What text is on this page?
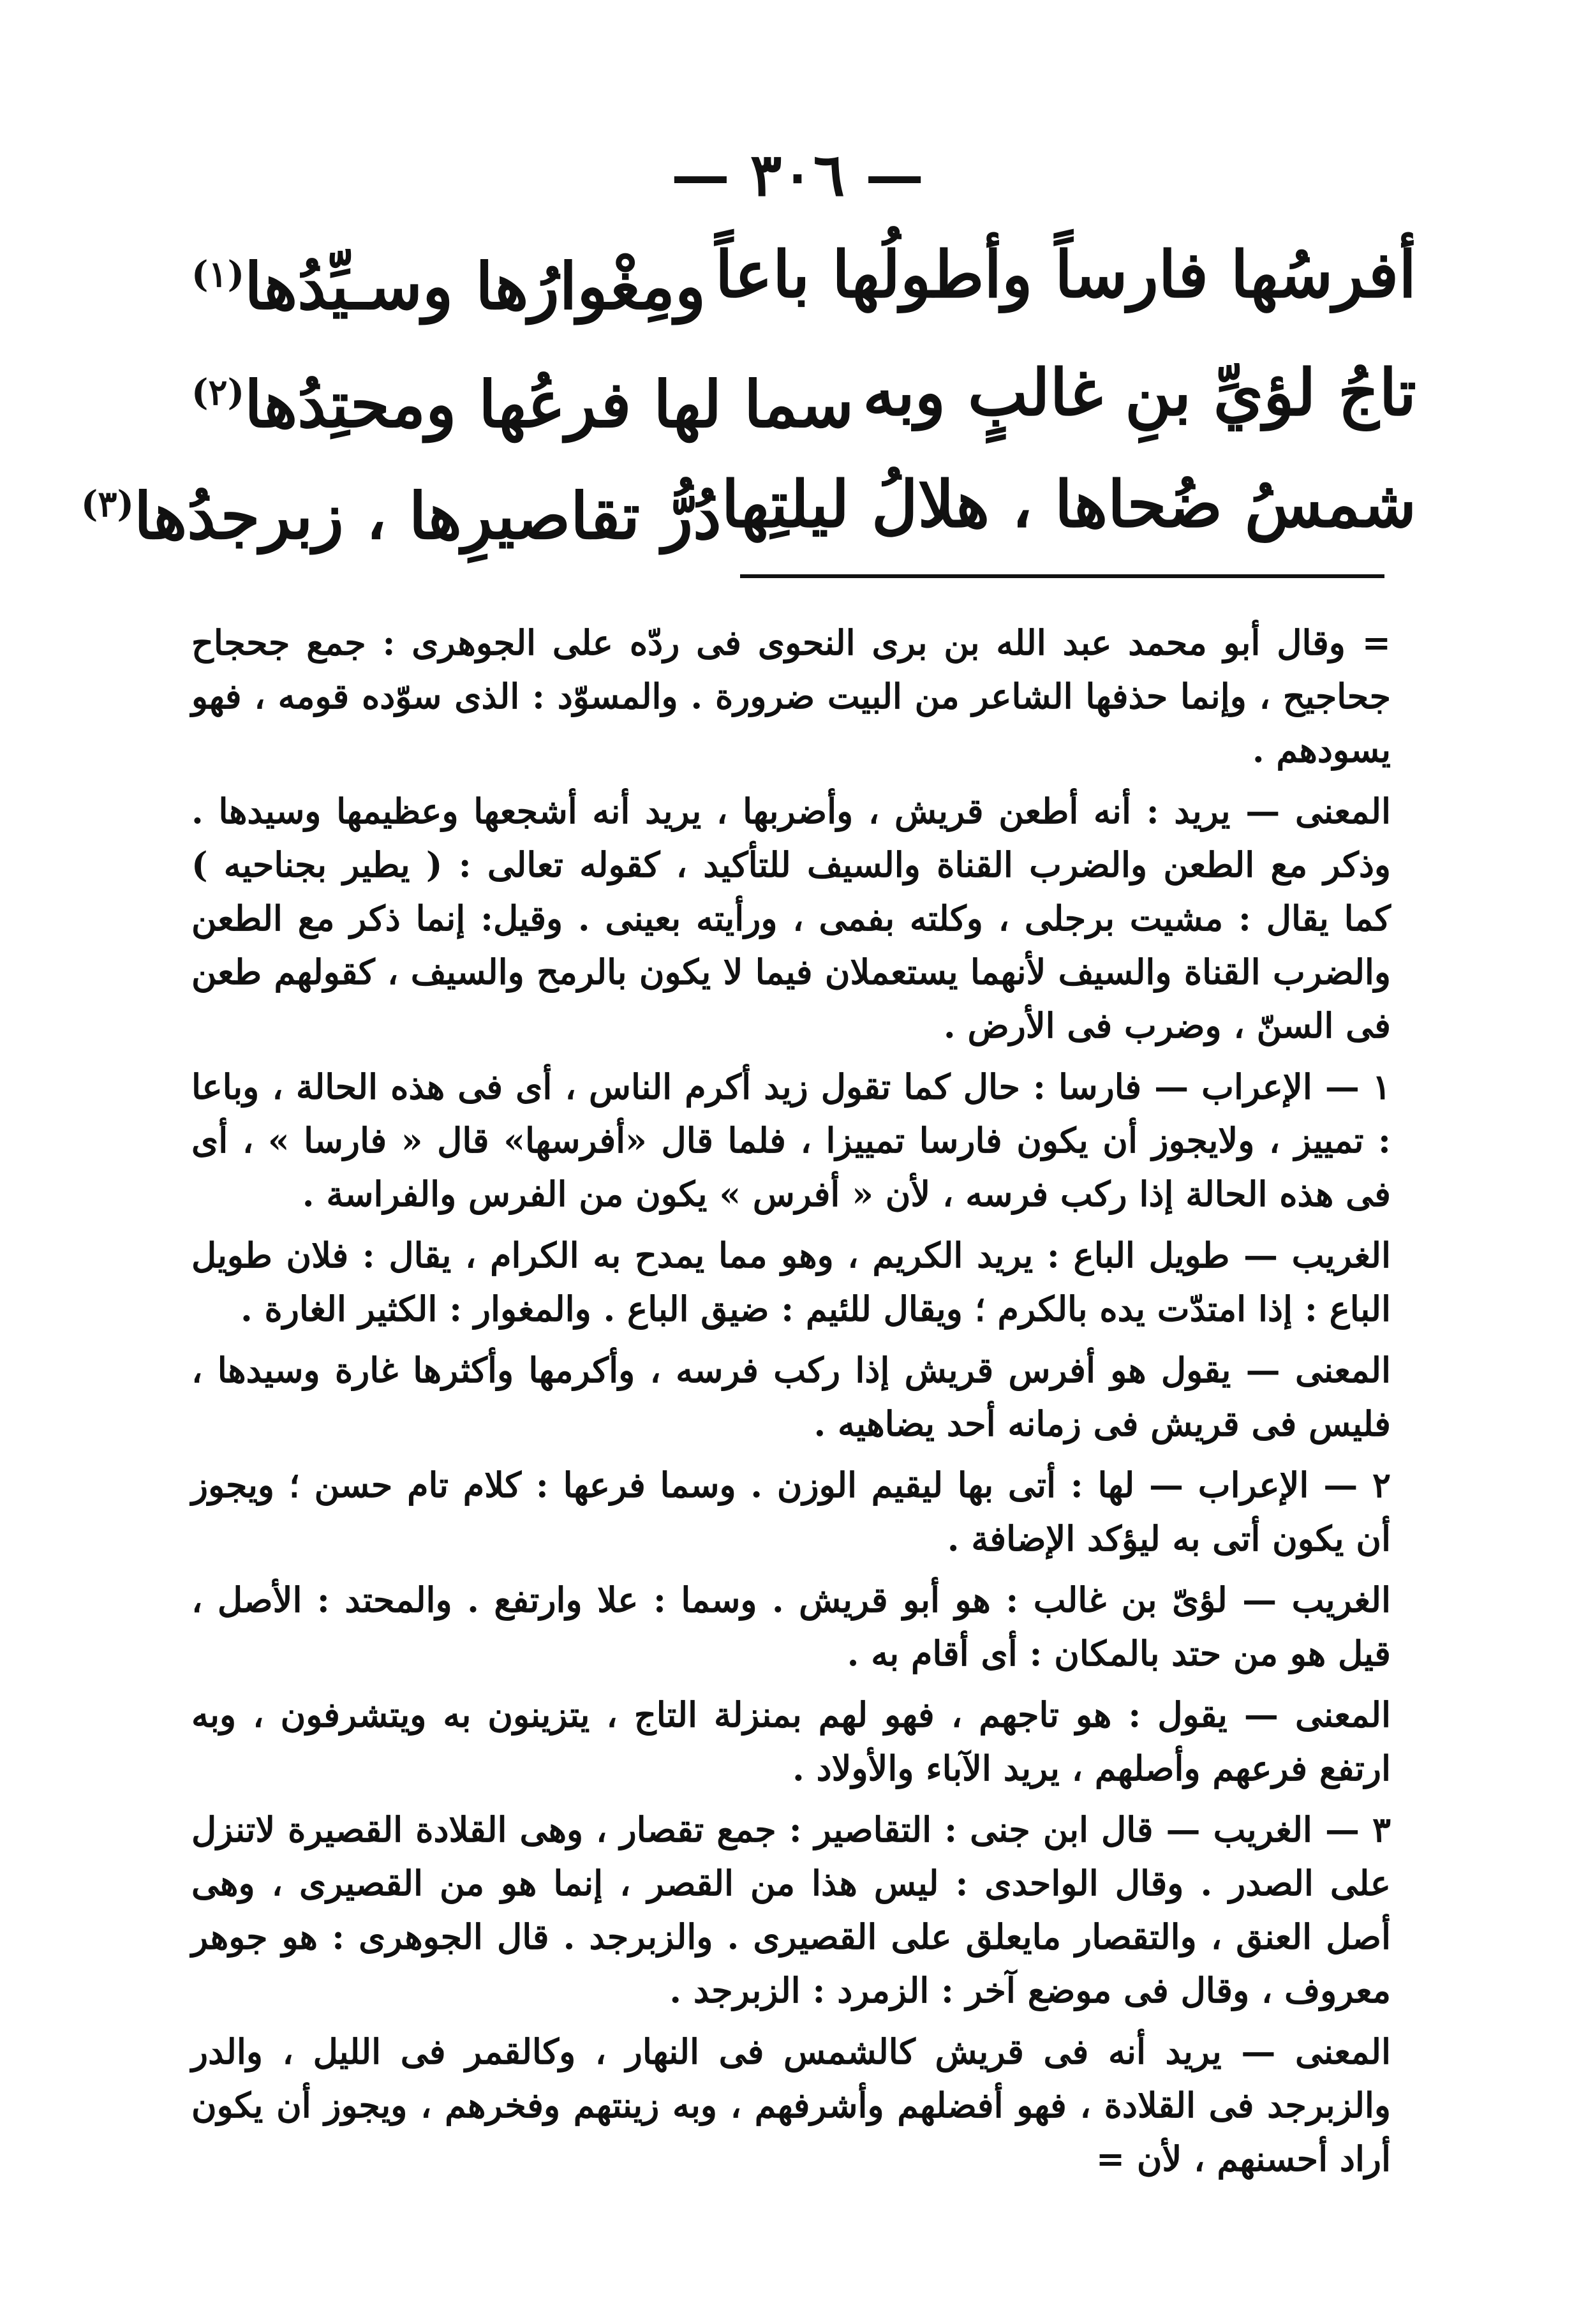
— ٣٠٦ —
أفرسُها فارساً وأطولُها باعاً
ومِغْوارُها وسـيِّدُها$^{(١)}$
تاجُ لؤيِّ بنِ غالبٍ وبه
سما لها فرعُها ومحتِدُها$^{(٢)}$
شمسُ ضُحاها ، هلالُ ليلتِها
دُرُّ تقاصيرِها ، زبرجدُها$^{(٣)}$

= وقال أبو محمد عبد الله بن برى النحوى فى ردّه على الجوهرى : جمع جحجاح جحاجيح ، وإنما حذفها الشاعر من البيت ضرورة . والمسوّد : الذى سوّده قومه ، فهو يسودهم .

المعنى — يريد : أنه أطعن قريش ، وأضربها ، يريد أنه أشجعها وعظيمها وسيدها . وذكر مع الطعن والضرب القناة والسيف للتأكيد ، كقوله تعالى : ( يطير بجناحيه ) كما يقال : مشيت برجلى ، وكلته بفمى ، ورأيته بعينى . وقيل: إنما ذكر مع الطعن والضرب القناة والسيف لأنهما يستعملان فيما لا يكون بالرمح والسيف ، كقولهم طعن فى السنّ ، وضرب فى الأرض .

١ — الإعراب — فارسا : حال كما تقول زيد أكرم الناس ، أى فى هذه الحالة ، وباعا : تمييز ، ولايجوز أن يكون فارسا تمييزا ، فلما قال «أفرسها» قال « فارسا » ، أى فى هذه الحالة إذا ركب فرسه ، لأن « أفرس » يكون من الفرس والفراسة .

الغريب — طويل الباع : يريد الكريم ، وهو مما يمدح به الكرام ، يقال : فلان طويل الباع : إذا امتدّت يده بالكرم ؛ ويقال للئيم : ضيق الباع . والمغوار : الكثير الغارة .

المعنى — يقول هو أفرس قريش إذا ركب فرسه ، وأكرمها وأكثرها غارة وسيدها ، فليس فى قريش فى زمانه أحد يضاهيه .

٢ — الإعراب — لها : أتى بها ليقيم الوزن . وسما فرعها : كلام تام حسن ؛ ويجوز أن يكون أتى به ليؤكد الإضافة .

الغريب — لؤىّ بن غالب : هو أبو قريش . وسما : علا وارتفع . والمحتد : الأصل ، قيل هو من حتد بالمكان : أى أقام به .

المعنى — يقول : هو تاجهم ، فهو لهم بمنزلة التاج ، يتزينون به ويتشرفون ، وبه ارتفع فرعهم وأصلهم ، يريد الآباء والأولاد .

٣ — الغريب — قال ابن جنى : التقاصير : جمع تقصار ، وهى القلادة القصيرة لاتنزل على الصدر . وقال الواحدى : ليس هذا من القصر ، إنما هو من القصيرى ، وهى أصل العنق ، والتقصار مايعلق على القصيرى . والزبرجد . قال الجوهرى : هو جوهر معروف ، وقال فى موضع آخر : الزمرد : الزبرجد .

المعنى — يريد أنه فى قريش كالشمس فى النهار ، وكالقمر فى الليل ، والدر والزبرجد فى القلادة ، فهو أفضلهم وأشرفهم ، وبه زينتهم وفخرهم ، ويجوز أن يكون أراد أحسنهم ، لأن =
